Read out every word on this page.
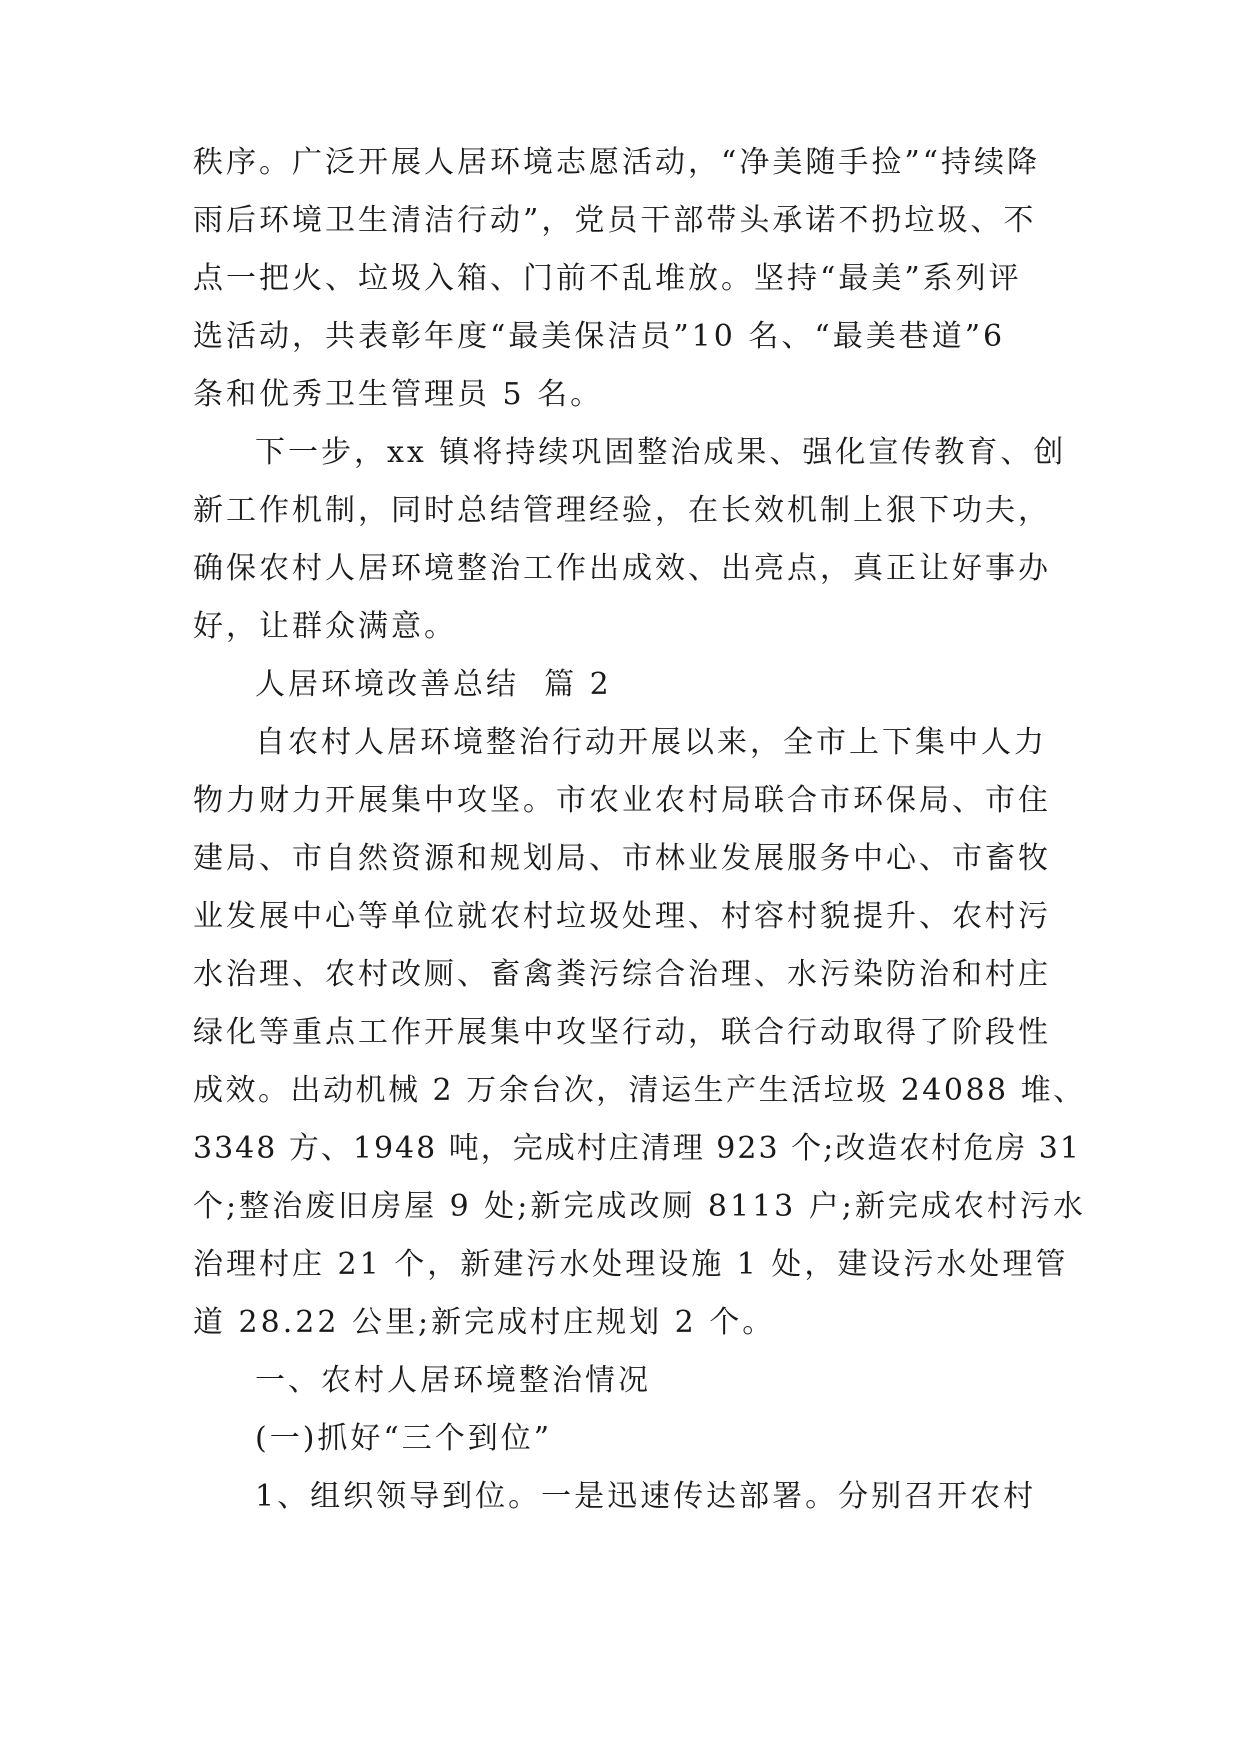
秩序。广泛开展人居环境志愿活动，“净美随手捡”“持续降
雨后环境卫生清洁行动”，党员干部带头承诺不扔垃圾、不
点一把火、垃圾入箱、门前不乱堆放。坚持“最美”系列评
选活动，共表彰年度“最美保洁员”10 名、“最美巷道”6
条和优秀卫生管理员 5 名。
下一步，xx 镇将持续巩固整治成果、强化宣传教育、创
新工作机制，同时总结管理经验，在长效机制上狠下功夫，
确保农村人居环境整治工作出成效、出亮点，真正让好事办
好，让群众满意。
人居环境改善总结  篇 2
自农村人居环境整治行动开展以来，全市上下集中人力
物力财力开展集中攻坚。市农业农村局联合市环保局、市住
建局、市自然资源和规划局、市林业发展服务中心、市畜牧
业发展中心等单位就农村垃圾处理、村容村貌提升、农村污
水治理、农村改厕、畜禽粪污综合治理、水污染防治和村庄
绿化等重点工作开展集中攻坚行动，联合行动取得了阶段性
成效。出动机械 2 万余台次，清运生产生活垃圾 24088 堆、
3348 方、1948 吨，完成村庄清理 923 个;改造农村危房 31
个;整治废旧房屋 9 处;新完成改厕 8113 户;新完成农村污水
治理村庄 21 个，新建污水处理设施 1 处，建设污水处理管
道 28.22 公里;新完成村庄规划 2 个。
一、农村人居环境整治情况
(一)抓好“三个到位”
1、组织领导到位。一是迅速传达部署。分别召开农村
